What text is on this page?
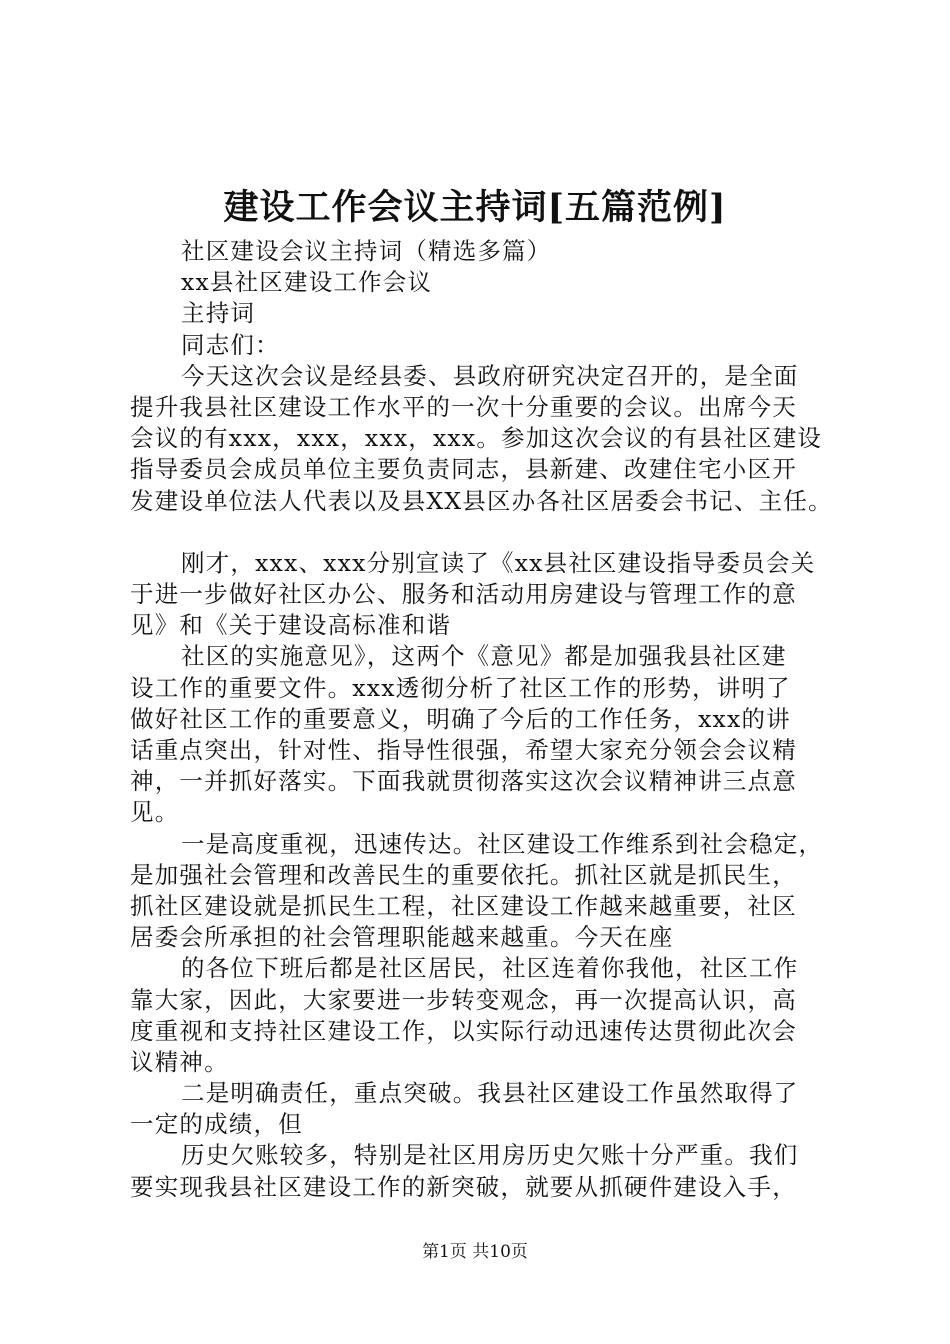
建设工作会议主持词[五篇范例]
社区建设会议主持词（精选多篇）
xx县社区建设工作会议
主持词
同志们：
今天这次会议是经县委、县政府研究决定召开的，是全面
提升我县社区建设工作水平的一次十分重要的会议。出席今天
会议的有xxx，xxx，xxx，xxx。参加这次会议的有县社区建设
指导委员会成员单位主要负责同志，县新建、改建住宅小区开
发建设单位法人代表以及县XX县区办各社区居委会书记、主任。
刚才，xxx、xxx分别宣读了《xx县社区建设指导委员会关
于进一步做好社区办公、服务和活动用房建设与管理工作的意
见》和《关于建设高标准和谐
社区的实施意见》，这两个《意见》都是加强我县社区建
设工作的重要文件。xxx透彻分析了社区工作的形势，讲明了
做好社区工作的重要意义，明确了今后的工作任务，xxx的讲
话重点突出，针对性、指导性很强，希望大家充分领会会议精
神，一并抓好落实。下面我就贯彻落实这次会议精神讲三点意
见。
一是高度重视，迅速传达。社区建设工作维系到社会稳定，
是加强社会管理和改善民生的重要依托。抓社区就是抓民生，
抓社区建设就是抓民生工程，社区建设工作越来越重要，社区
居委会所承担的社会管理职能越来越重。今天在座
的各位下班后都是社区居民，社区连着你我他，社区工作
靠大家，因此，大家要进一步转变观念，再一次提高认识，高
度重视和支持社区建设工作，以实际行动迅速传达贯彻此次会
议精神。
二是明确责任，重点突破。我县社区建设工作虽然取得了
一定的成绩，但
历史欠账较多，特别是社区用房历史欠账十分严重。我们
要实现我县社区建设工作的新突破，就要从抓硬件建设入手，
第1页 共10页
